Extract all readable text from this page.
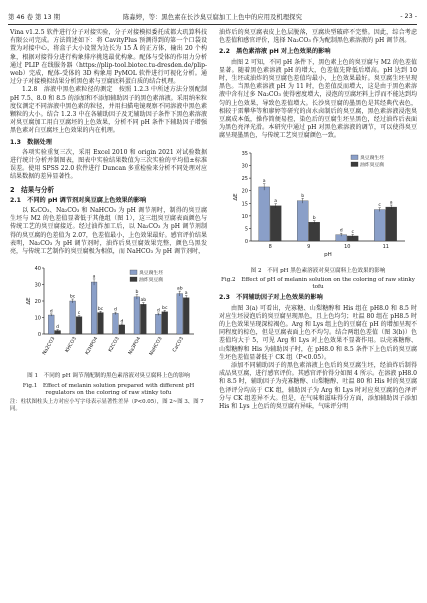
第 46 卷 第 13 期	陈淼婷，等：黑色素在长沙臭豆腐加工上色中的应用及机理探究	- 23 -

Vina v1.2.5 软件进行分子对接实验，分子对接模拟委托成都大玑算科技有限公司完成。方法简述如下：将 CavityPlus 预测得到的第一个口袋设置为对接中心，将盒子大小设置为边长为 15 Å 的正方体，输出 20 个构象，根据对接得分进行构象排序挑选最优构象。配体与受体的作用力分析通过 PLIP 在线服务器（https://plip-tool.biotec.tu-dresden.de/plip-web）完成，配体-受体的 3D 构象用 PyMOL 软件进行可视化分析。通过分子对接模拟结果分析黑色素与豆腐底料蛋白质的结合机理。

1.2.8　溶液中黑色素粒径的测定　 按照 1.2.3 中所述方法分别配制 pH 7.5、8.0 和 8.5 的添加和不添加辅助因子的黑色素溶液。采用纳米粒度仪测定不同溶液中黑色素的粒径，并用扫描电镜观察不同溶液中黑色素颗粒的大小。结合 1.2.3 中在各辅助因子及无辅助因子条件下黑色素溶液对臭豆腐加工用白豆腐坯的上色效果，分析不同 pH 条件下辅助因子增强黑色素对白豆腐坯上色效果的内在机理。

1.3　数据处理

各项实验重复三次，采用 Excel 2010 和 origin 2021 对试验数据进行统计分析并制图表，图表中实验结果数值为三次实验的平均值±标准误差。使用 SPSS 22.0 软件进行 Duncan 多重检验来分析不同处理对应结果数据的差异显著性。

2　结果与分析
2.1　不同的 pH 调节剂对臭豆腐上色效果的影响

以 K₂CO₃、Na₂CO₃ 和 NaHCO₃ 为 pH 调节剂时，制得的臭豆腐生坯与 M2 的色差值显著低于其他组（图 1），这三组臭豆腐表面颜色与传统工艺的臭豆腐接近。经过油炸加工后，以 Na₂CO₃ 为 pH 调节剂制得的臭豆腐的色差值为 2.07，色差值最小，上色效果最好。感官评价结果表明，Na₂CO₃ 为 pH 调节剂时，油炸后臭豆腐效果完整，颜色乌黑发亮，与传统工艺制作的臭豆腐极为相似，而 NaHCO₃ 为 pH 调节剂时，

0
10
20
30
40
ΔE
d
d
Na2CO3
bc
c
KHCO3
a
bc
K2HPO4
d
d
K2CO3
b
ab
Na3PO4
d
bc
NaHCO3
ab
a
CaCO3
臭豆腐生坯
油炸臭豆腐
图 1　不同的 pH 调节剂配制的黑色素溶液对臭豆腐料上色的影响
Fig.1　Effect of melanin solution prepared with different pH regulators on the coloring of raw stinky tofu
注：柱状图柱头上方对应小写字母表示显著性差异（P<0.05），图 2~图 3、图 7 同。

油炸后的臭豆腐表皮上色层脱落，豆腐块型破碎不完整。因此，综合考虑色差值和感官评价，选择 Na₂CO₃ 作为配制黑色素溶液的 pH 调节剂。

2.2　黑色素溶液 pH 对上色效果的影响

由图 2 可知，不同 pH 条件下，黑色素上色的臭豆腐与 M2 的色差值显著。随着黑色素溶液 pH 的增大，色差值先降低后增高。pH 达到 10 时，生坯或油炸的臭豆腐色差值均最小，上色效果最好。臭豆腐生坯呈现黑色。当黑色素溶液 pH 为 11 时，色差值反而增大，这是由于黑色素溶液中含有过多 Na₂CO₃ 使得密度增大，浸泡的豆腐坯料上浮而不能达到均匀的上色效果，导致色差值增大。长沙臭豆腐的墨黑色是其经典代表色，相较于雷攀华等和廖婷等研究的卤水卤制后的臭豆腐，黑色素溶液浸泡臭豆腐成本低，操作简便易控，染色后的豆腐生坯呈黑色，经过油炸后表面为黑色亮泽光滑。本研究中通过 pH 对黑色素溶液的调节，可以使得臭豆腐呈现墨黑色，与传统工艺臭豆腐颜色一致。

0
5
10
15
20
25
30
35
ΔE
pH
a
a
8
b
b
9
d c
10
c
a
11
臭豆腐生坯
油炸臭豆腐
图 2　不同 pH 黑色素溶液对臭豆腐料上色效果的影响
Fig.2　Effect of pH of melanin solution on the coloring of raw stinky tofu
2.3　不同辅助因子对上色效果的影响

由图 3(a) 可看出，壳寡糖、山梨糖醇和 His 组在 pH8.0 和 8.5 时对应生坯浸泡后的臭豆腐呈现黑色，且上色均匀；吐温 80 组在 pH8.5 时的上色效果呈现深棕褐色。Arg 和 Lys 组上色的豆腐在 pH 的增加呈现不同程度的棕色，但是豆腐表面上色不均匀。结合两组色差值（图 3(b)）色差值均大于 5，可见 Arg 和 Lys 对上色效果不显著作用。以壳寡糖醇、山梨糖醇和 His 为辅助因子时，在 pH8.0 和 8.5 条件下上色后的臭豆腐生坯色差值显著低于 CK 组（P<0.05）。

添加不同辅助因子的黑色素溶液上色后的臭豆腐生坯，经油炸后制得成品臭豆腐，进行感官评价。其感官评价得分如图 4 所示。在溶液 pH8.0 和 8.5 时，辅助因子为壳寡糖醇、山梨糖醇、吐温 80 和 His 时的臭豆腐色泽评分均高于 CK 组，辅助因子为 Arg 和 Lys 时对应臭豆腐的色泽评分与 CK 组差异不大。但是，在气味和滋味得分方面，添加辅助因子添加 His 和 Lys 上色后的臭豆腐有异味，气味评分明
